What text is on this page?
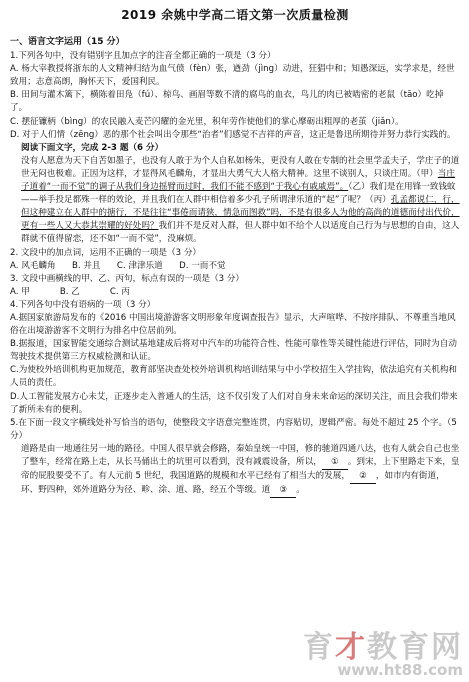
2019 余姚中学高二语文第一次质量检测
一、语言文字运用（15 分）

1.下列各句中，没有错别字且加点字的注音全都正确的一项是（3 分）

A. 杨大宰教授将浙东的人文精神归结为血气偾（fèn）张，遒劲（jìng）动进，狂猖中和；知愚深远，实学求是，经世致用；志意高朗，胸怀天下，爱国利民。

B. 田间与灌木篱下，横陈着田凫（fú）、椋鸟、画眉等数不清的腐鸟的血衣，鸟儿的肉已被啮密的老鼠（tāo）吃掉了。

C. 摆征镰柄（bìng）的农民融入麦芒闪耀的金光里，积年劳作使他们的掌心摩砺出粗厚的老茧（jiǎn）。

D. 对于人们情（zēng）恶的那个社会叫出令那些“治者”们感觉不吉祥的声音，这正是鲁迅所期待并努力恭行实践的。

阅读下面文字，完成 2-3 题（6 分）

没有人愿意为天下自苦如墨子，也没有人敢于为个人自私如杨朱，更没有人敢在专制的社会里学孟夫子，学庄子的道世无闷也极难。正因为这样，才显得风毛麟角，才显出大勇气大人格大精神。这里不谈别人，只谈庄周。（甲）当庄子道着“一而不觉”的调子从我们身边摇臂而过时，我们不能不感到“于我心有戚戚焉”。（乙）我们是在用锋一致钱蚊——举手投足都殊一样的效论，并且我们在人群中相信着多少孔子所谓津乐道的“起”了呢？（丙）孔孟都说仁，行，但这种建立在人群中的搪行，不是往往“事倦而请狭，情急而图救”吗，不是有很多人为他的高尚的道德而付出代价，更有一些人又大恭其崇耀的好处吗？我们并不是反对人群，但人群中如不给个人以适度自己行为与思想的自由，这人群就不值得留恋，还不如“一而不觉”，没麻烦。

2. 文段中的加点词，运用不正确的一项是（3 分）

A. 风毛麟角      B. 并且      C. 津津乐道      D. 一而不觉

3. 文段中画横线的甲、乙、丙句，标点有误的一项是（3 分）

A. 甲           B. 乙           C. 丙

4.下列各句中没有语病的一项（3 分）

A.据国家旅游局发布的《2016 中国出境游游客文明形象年度调查报告》显示，大声喧哗、不按序排队、不尊重当地风俗在出境游游客不文明行为排名中位居前列。

B.据报道，国家智能交通综合测试基地建成后将对中汽车的功能符合性、性能可靠性等关键性能进行评估，同时为自动驾驶技术提供第三方权威检测和认证。

C.为使校外培训机构更加规范，教育部坚决查处校外培训机构培训结果与中小学校招生入学挂钩，依法追究有关机构和人员的责任。

D.人工智能发展方心未艾，正逐步走入普通人的生活，这不仅引发了人们对自身未来命运的深切关注，而且会我们带来了新所未有的便利。

5.在下面一段文字横线处补写恰当的语句，使整段文字语意完整连贯，内容贴切，逻辑严密。每处不超过 25 个字。（5 分）

道路是由一地通往另一地的路径。中国人很早就会修路，秦始皇统一中国，修的驰道四通八达，也有人就会自己也坐了整车，经常在路上走，从长马俑出土的坑里可以看到，没有减震设备，所以， ① 。到宋，上下里路走下来，皇帝的屁股要受不了。有人元前 5 世纪，我国道路的规模和水平已经有了相当大的发展， ② ，如市内有街道，环、野四种，郊外道路分为径、畛、涂、道、路，经五个等级。道 ③ 。

育才教育网
www.ht88.com
